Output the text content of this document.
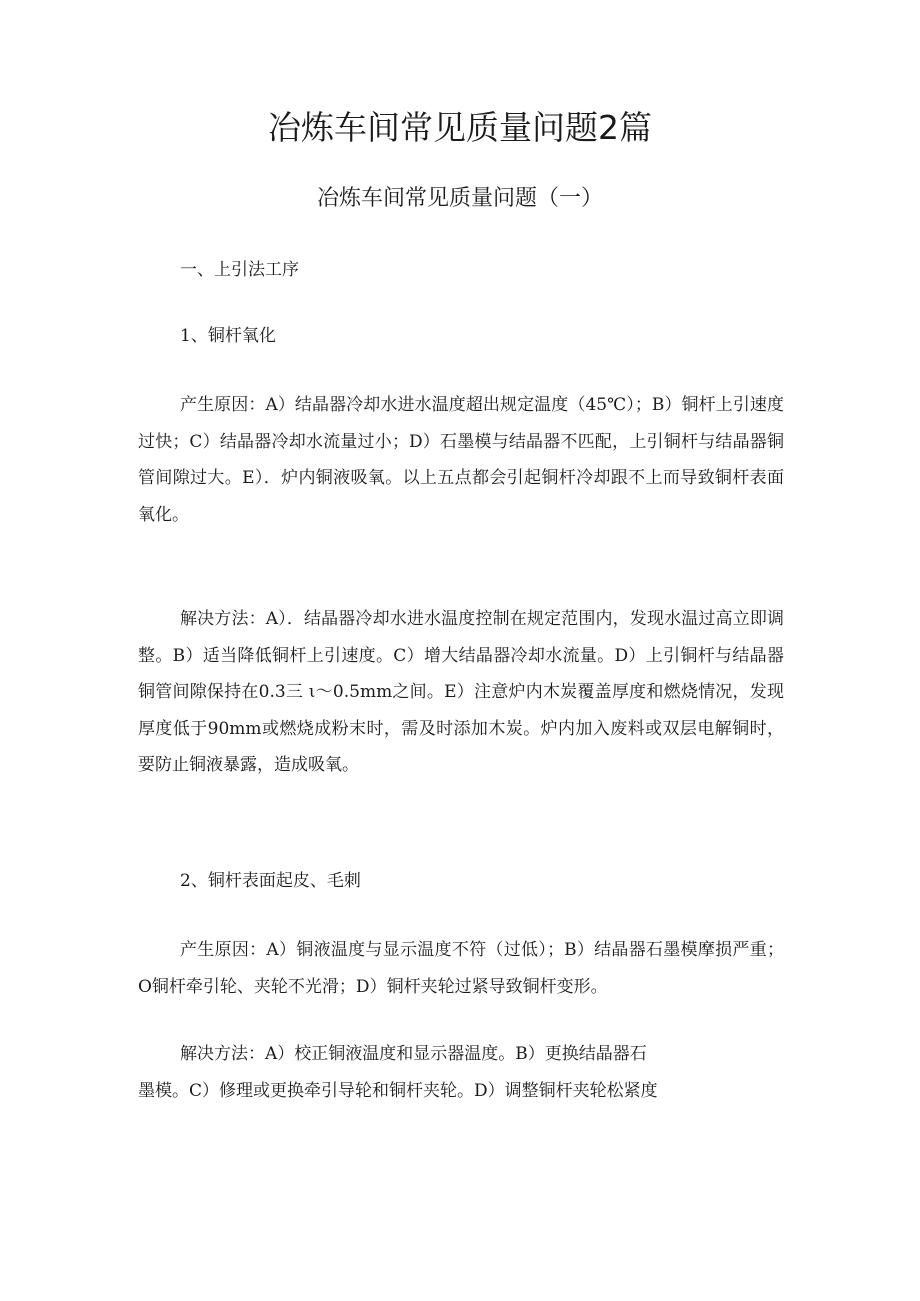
冶炼车间常见质量问题2篇
冶炼车间常见质量问题（一）

一、上引法工序

1、铜杆氧化

产生原因：A）结晶器冷却水进水温度超出规定温度（45℃）；B）铜杆上引速度过快；C）结晶器冷却水流量过小；D）石墨模与结晶器不匹配，上引铜杆与结晶器铜管间隙过大。E）．炉内铜液吸氧。以上五点都会引起铜杆冷却跟不上而导致铜杆表面氧化。

解决方法：A）．结晶器冷却水进水温度控制在规定范围内，发现水温过高立即调整。B）适当降低铜杆上引速度。C）增大结晶器冷却水流量。D）上引铜杆与结晶器铜管间隙保持在0.3三 ι～0.5mm之间。E）注意炉内木炭覆盖厚度和燃烧情况，发现厚度低于90mm或燃烧成粉末时，需及时添加木炭。炉内加入废料或双层电解铜时，要防止铜液暴露，造成吸氧。

2、铜杆表面起皮、毛刺

产生原因：A）铜液温度与显示温度不符（过低）；B）结晶器石墨模摩损严重；O铜杆牵引轮、夹轮不光滑；D）铜杆夹轮过紧导致铜杆变形。

解决方法：A）校正铜液温度和显示器温度。B）更换结晶器石
墨模。C）修理或更换牵引导轮和铜杆夹轮。D）调整铜杆夹轮松紧度
